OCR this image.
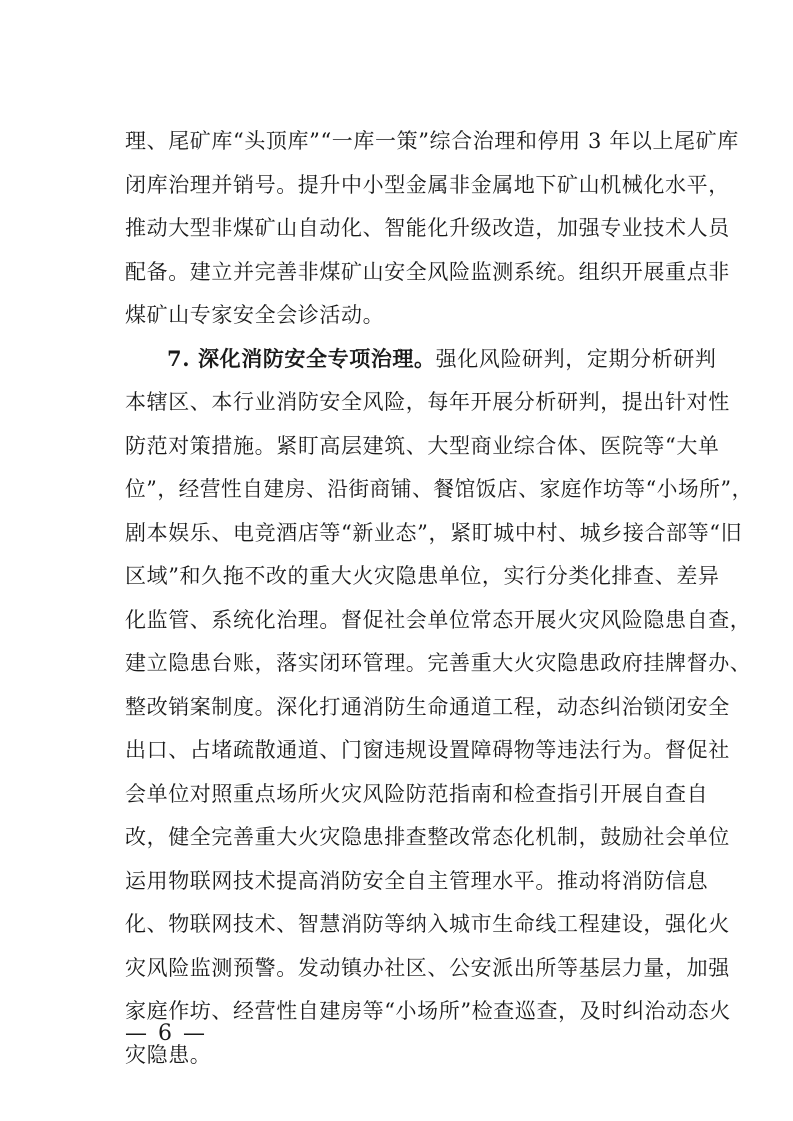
理、尾矿库“头顶库”“一库一策”综合治理和停用 3 年以上尾矿库
闭库治理并销号。提升中小型金属非金属地下矿山机械化水平，
推动大型非煤矿山自动化、智能化升级改造，加强专业技术人员
配备。建立并完善非煤矿山安全风险监测系统。组织开展重点非
煤矿山专家安全会诊活动。
7. 深化消防安全专项治理。强化风险研判，定期分析研判
本辖区、本行业消防安全风险，每年开展分析研判，提出针对性
防范对策措施。紧盯高层建筑、大型商业综合体、医院等“大单
位”，经营性自建房、沿街商铺、餐馆饭店、家庭作坊等“小场所”，
剧本娱乐、电竞酒店等“新业态”，紧盯城中村、城乡接合部等“旧
区域”和久拖不改的重大火灾隐患单位，实行分类化排查、差异
化监管、系统化治理。督促社会单位常态开展火灾风险隐患自查，
建立隐患台账，落实闭环管理。完善重大火灾隐患政府挂牌督办、
整改销案制度。深化打通消防生命通道工程，动态纠治锁闭安全
出口、占堵疏散通道、门窗违规设置障碍物等违法行为。督促社
会单位对照重点场所火灾风险防范指南和检查指引开展自查自
改，健全完善重大火灾隐患排查整改常态化机制，鼓励社会单位
运用物联网技术提高消防安全自主管理水平。推动将消防信息
化、物联网技术、智慧消防等纳入城市生命线工程建设，强化火
灾风险监测预警。发动镇办社区、公安派出所等基层力量，加强
家庭作坊、经营性自建房等“小场所”检查巡查，及时纠治动态火
灾隐患。
— 6 —
